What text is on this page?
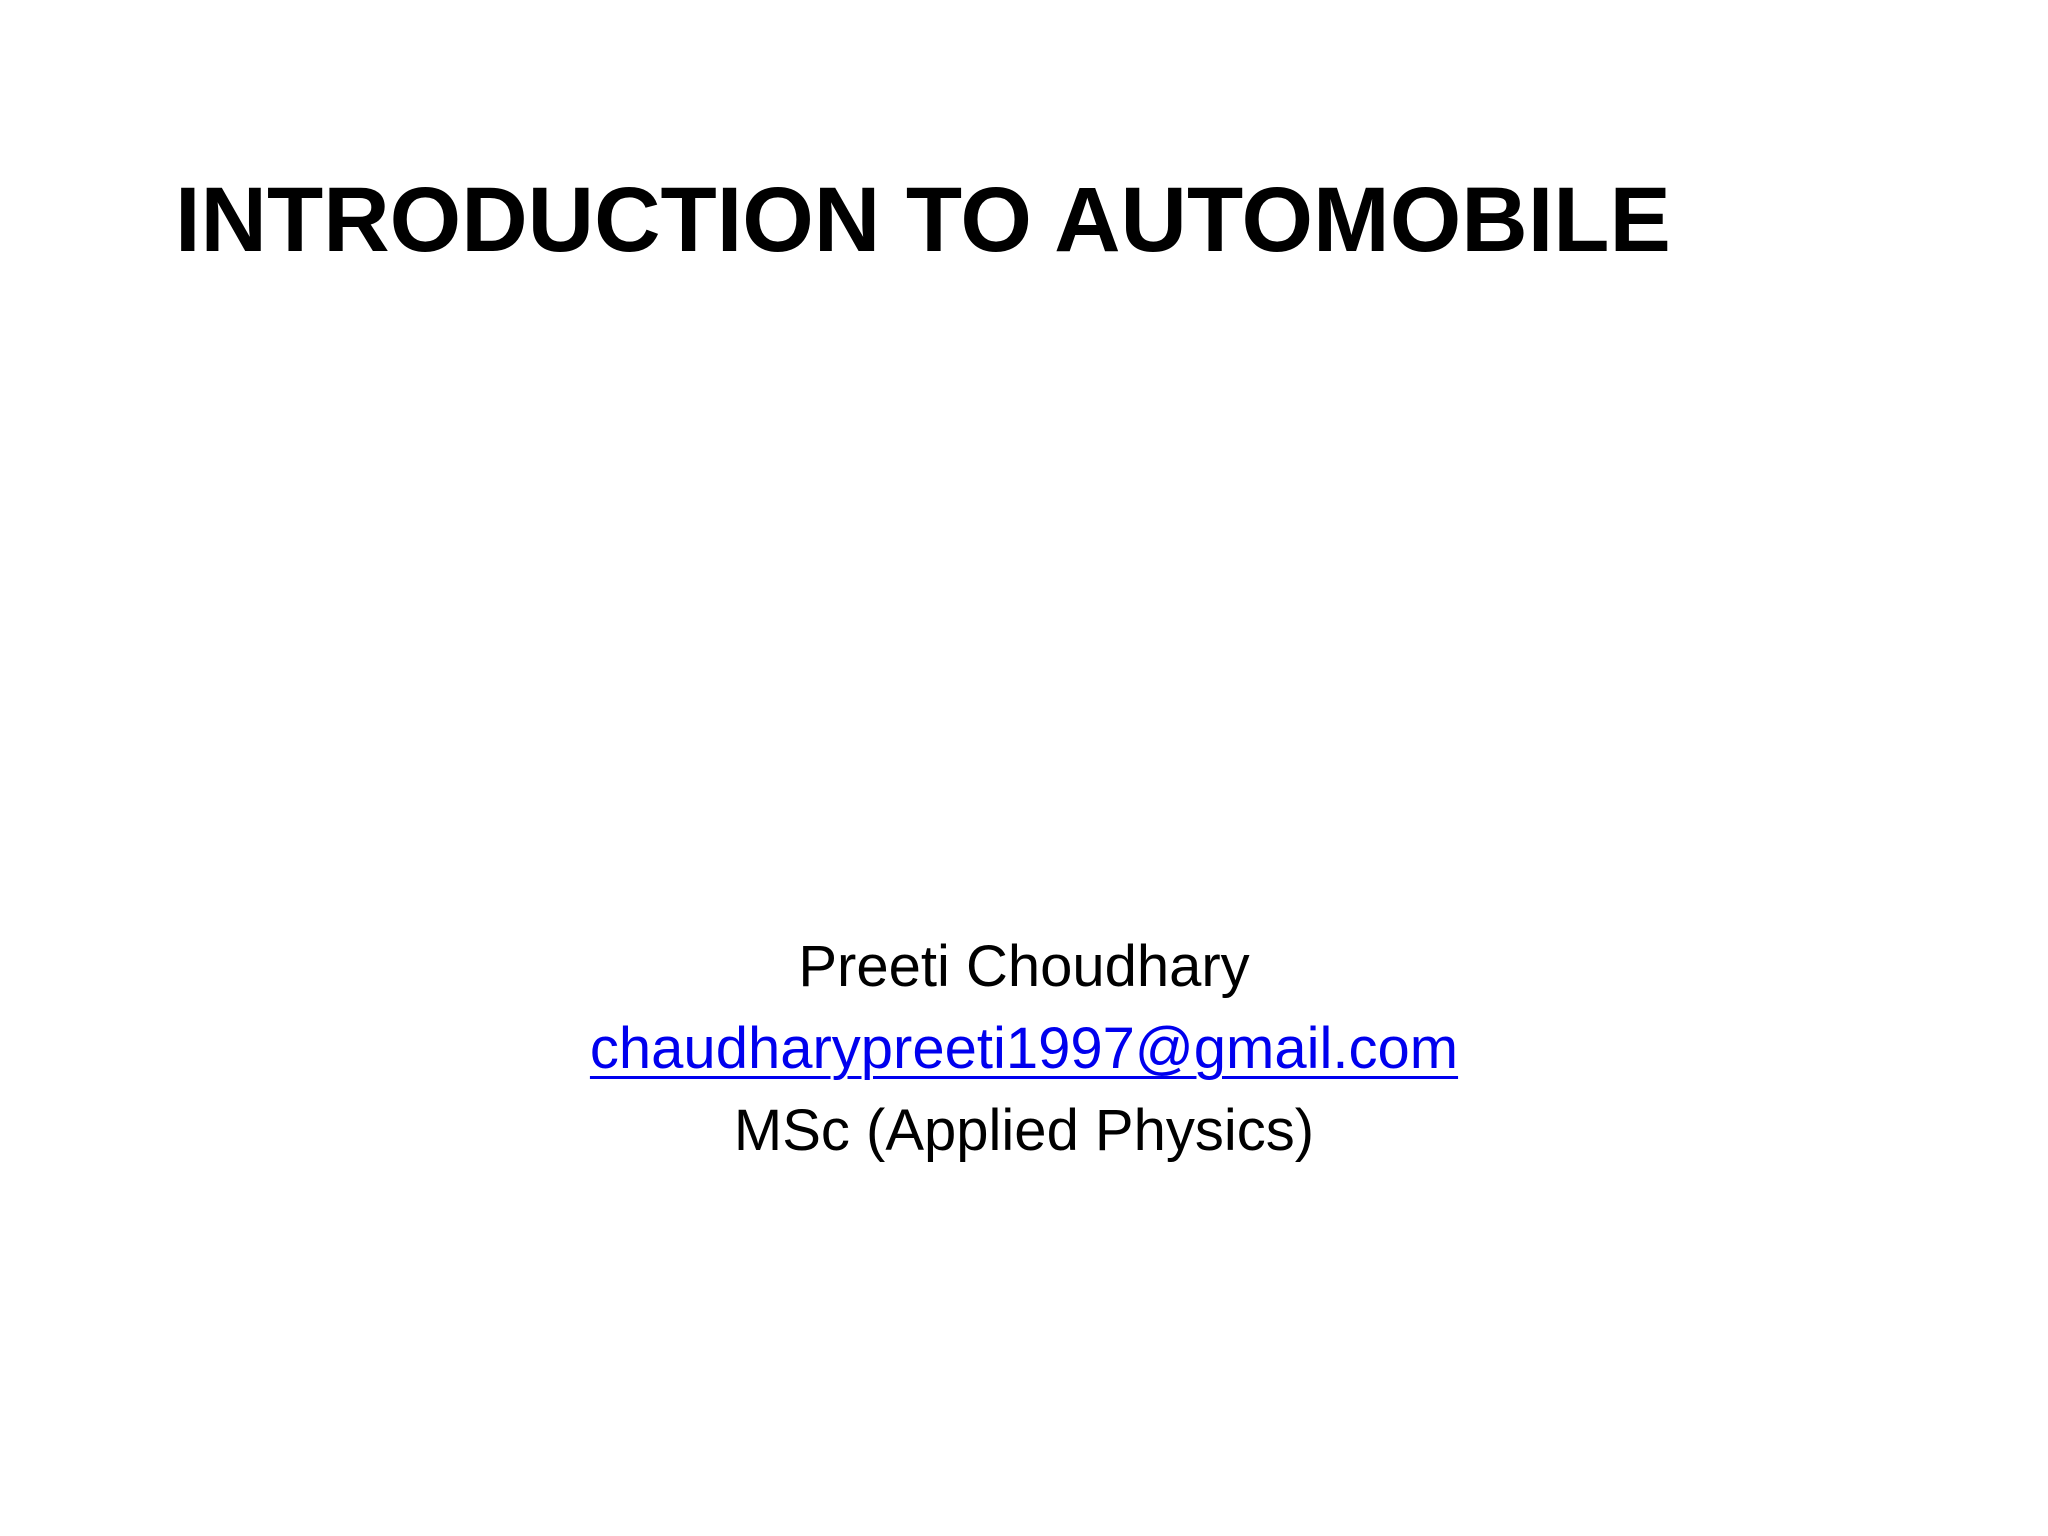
INTRODUCTION TO AUTOMOBILE
Preeti Choudhary
chaudharypreeti1997@gmail.com
MSc (Applied Physics)
